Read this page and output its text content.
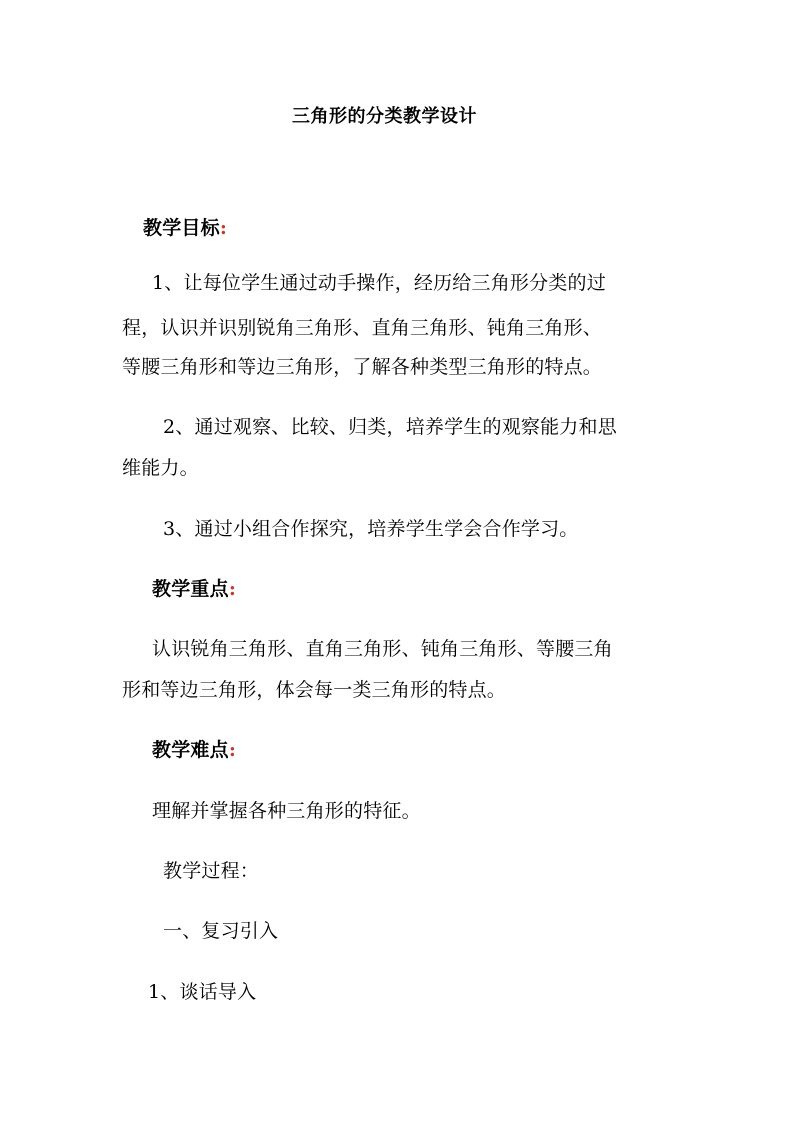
三角形的分类教学设计
教学目标:
1、让每位学生通过动手操作，经历给三角形分类的过
程，认识并识别锐角三角形、直角三角形、钝角三角形、
等腰三角形和等边三角形，了解各种类型三角形的特点。
2、通过观察、比较、归类，培养学生的观察能力和思
维能力。
3、通过小组合作探究，培养学生学会合作学习。
教学重点:
认识锐角三角形、直角三角形、钝角三角形、等腰三角
形和等边三角形，体会每一类三角形的特点。
教学难点:
理解并掌握各种三角形的特征。
教学过程：
一、复习引入
1、谈话导入
